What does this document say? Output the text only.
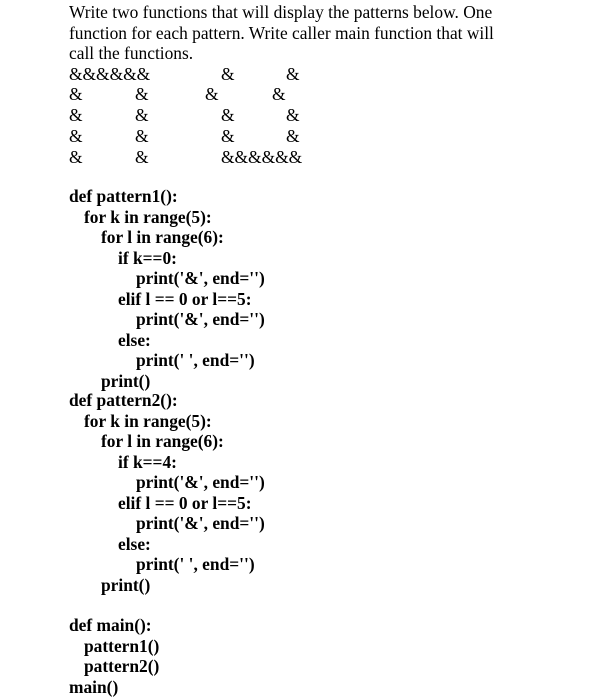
Write two functions that will display the patterns below. One
function for each pattern. Write caller main function that will
call the functions.
&&&&&&
&	&
&	&
&	&
&	&
&	&
&	&
&	&
&	&
&&&&&&
def pattern1():
for k in range(5):
for l in range(6):
if k==0:
print('&', end='')
elif l == 0 or l==5:
print('&', end='')
else:
print(' ', end='')
print()
def pattern2():
for k in range(5):
for l in range(6):
if k==4:
print('&', end='')
elif l == 0 or l==5:
print('&', end='')
else:
print(' ', end='')
print()
def main():
pattern1()
pattern2()
main()
